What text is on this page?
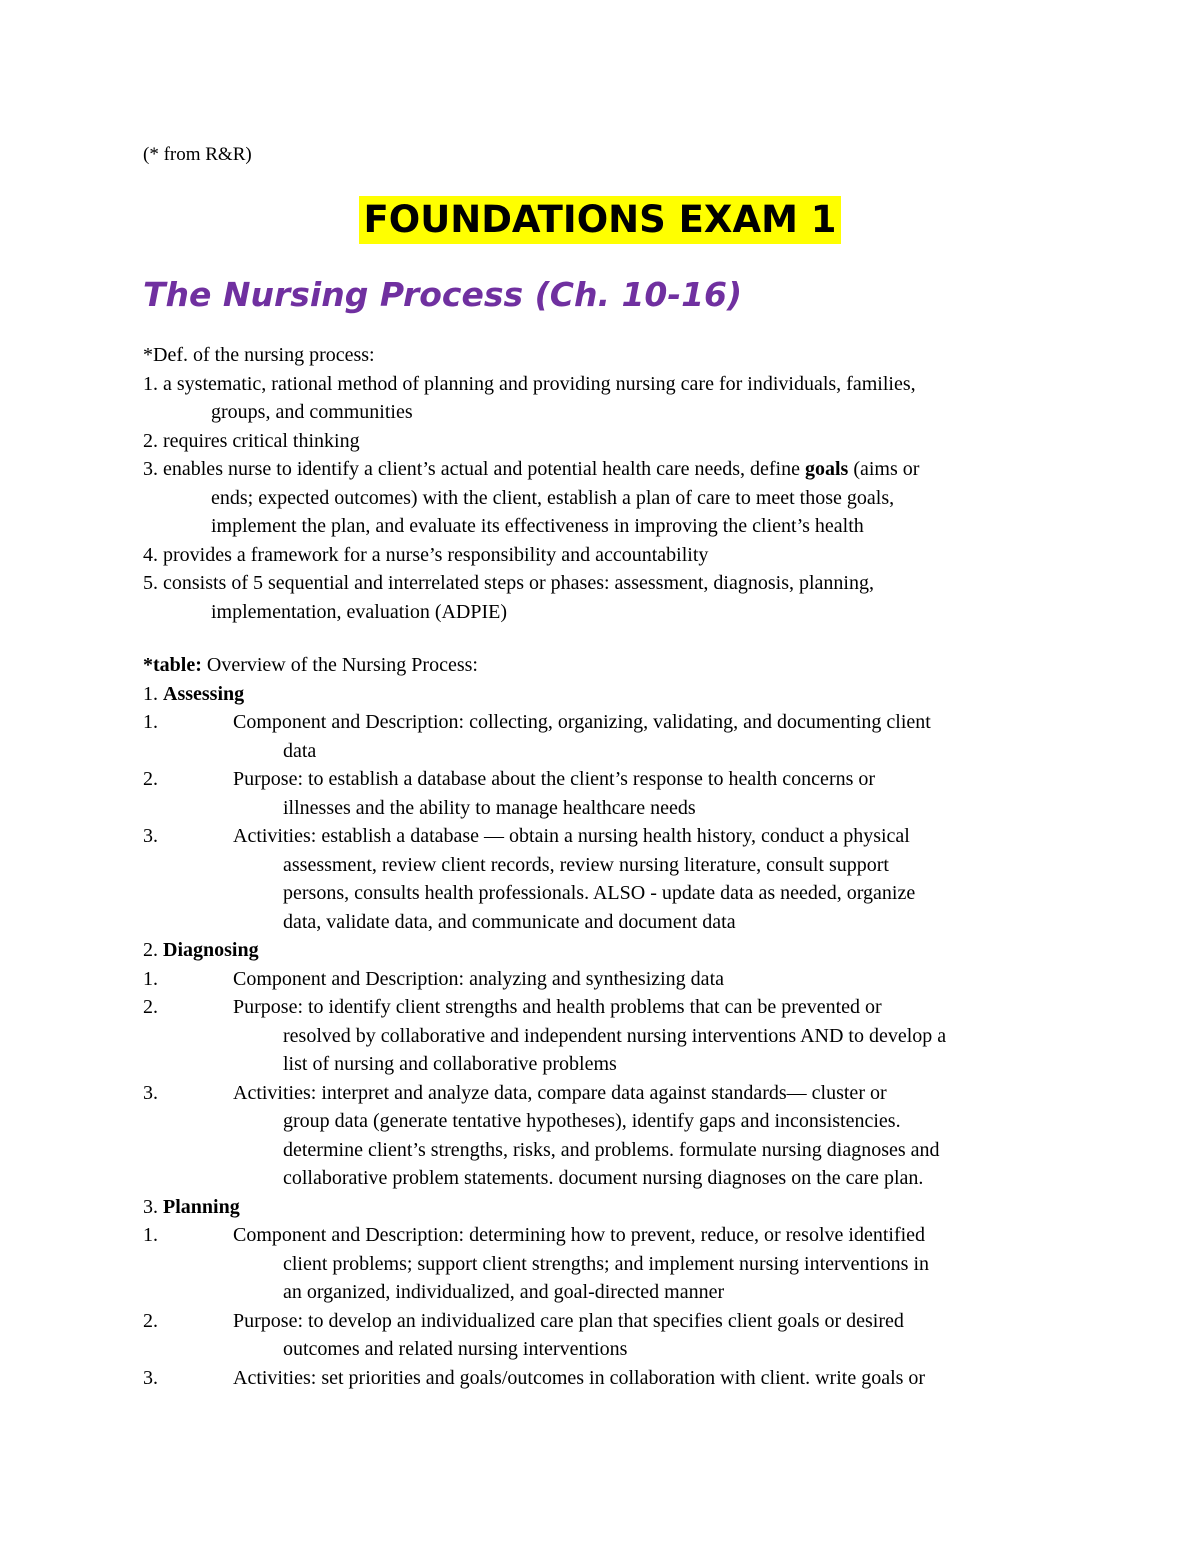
(* from R&R)
FOUNDATIONS EXAM 1
The Nursing Process (Ch. 10-16)
*Def. of the nursing process:
1. a systematic, rational method of planning and providing nursing care for individuals, families,
groups, and communities
2. requires critical thinking
3. enables nurse to identify a client’s actual and potential health care needs, define goals (aims or
ends; expected outcomes) with the client, establish a plan of care to meet those goals,
implement the plan, and evaluate its effectiveness in improving the client’s health
4. provides a framework for a nurse’s responsibility and accountability
5. consists of 5 sequential and interrelated steps or phases: assessment, diagnosis, planning,
implementation, evaluation (ADPIE)
*table: Overview of the Nursing Process:
1. Assessing
1.	Component and Description: collecting, organizing, validating, and documenting client
data
2.	Purpose: to establish a database about the client’s response to health concerns or
illnesses and the ability to manage healthcare needs
3.	Activities: establish a database — obtain a nursing health history, conduct a physical
assessment, review client records, review nursing literature, consult support
persons, consults health professionals. ALSO - update data as needed, organize
data, validate data, and communicate and document data
2. Diagnosing
1.	Component and Description: analyzing and synthesizing data
2.	Purpose: to identify client strengths and health problems that can be prevented or
resolved by collaborative and independent nursing interventions AND to develop a
list of nursing and collaborative problems
3.	Activities: interpret and analyze data, compare data against standards— cluster or
group data (generate tentative hypotheses), identify gaps and inconsistencies.
determine client’s strengths, risks, and problems. formulate nursing diagnoses and
collaborative problem statements. document nursing diagnoses on the care plan.
3. Planning
1.	Component and Description: determining how to prevent, reduce, or resolve identified
client problems; support client strengths; and implement nursing interventions in
an organized, individualized, and goal-directed manner
2.	Purpose: to develop an individualized care plan that specifies client goals or desired
outcomes and related nursing interventions
3.	Activities: set priorities and goals/outcomes in collaboration with client. write goals or
